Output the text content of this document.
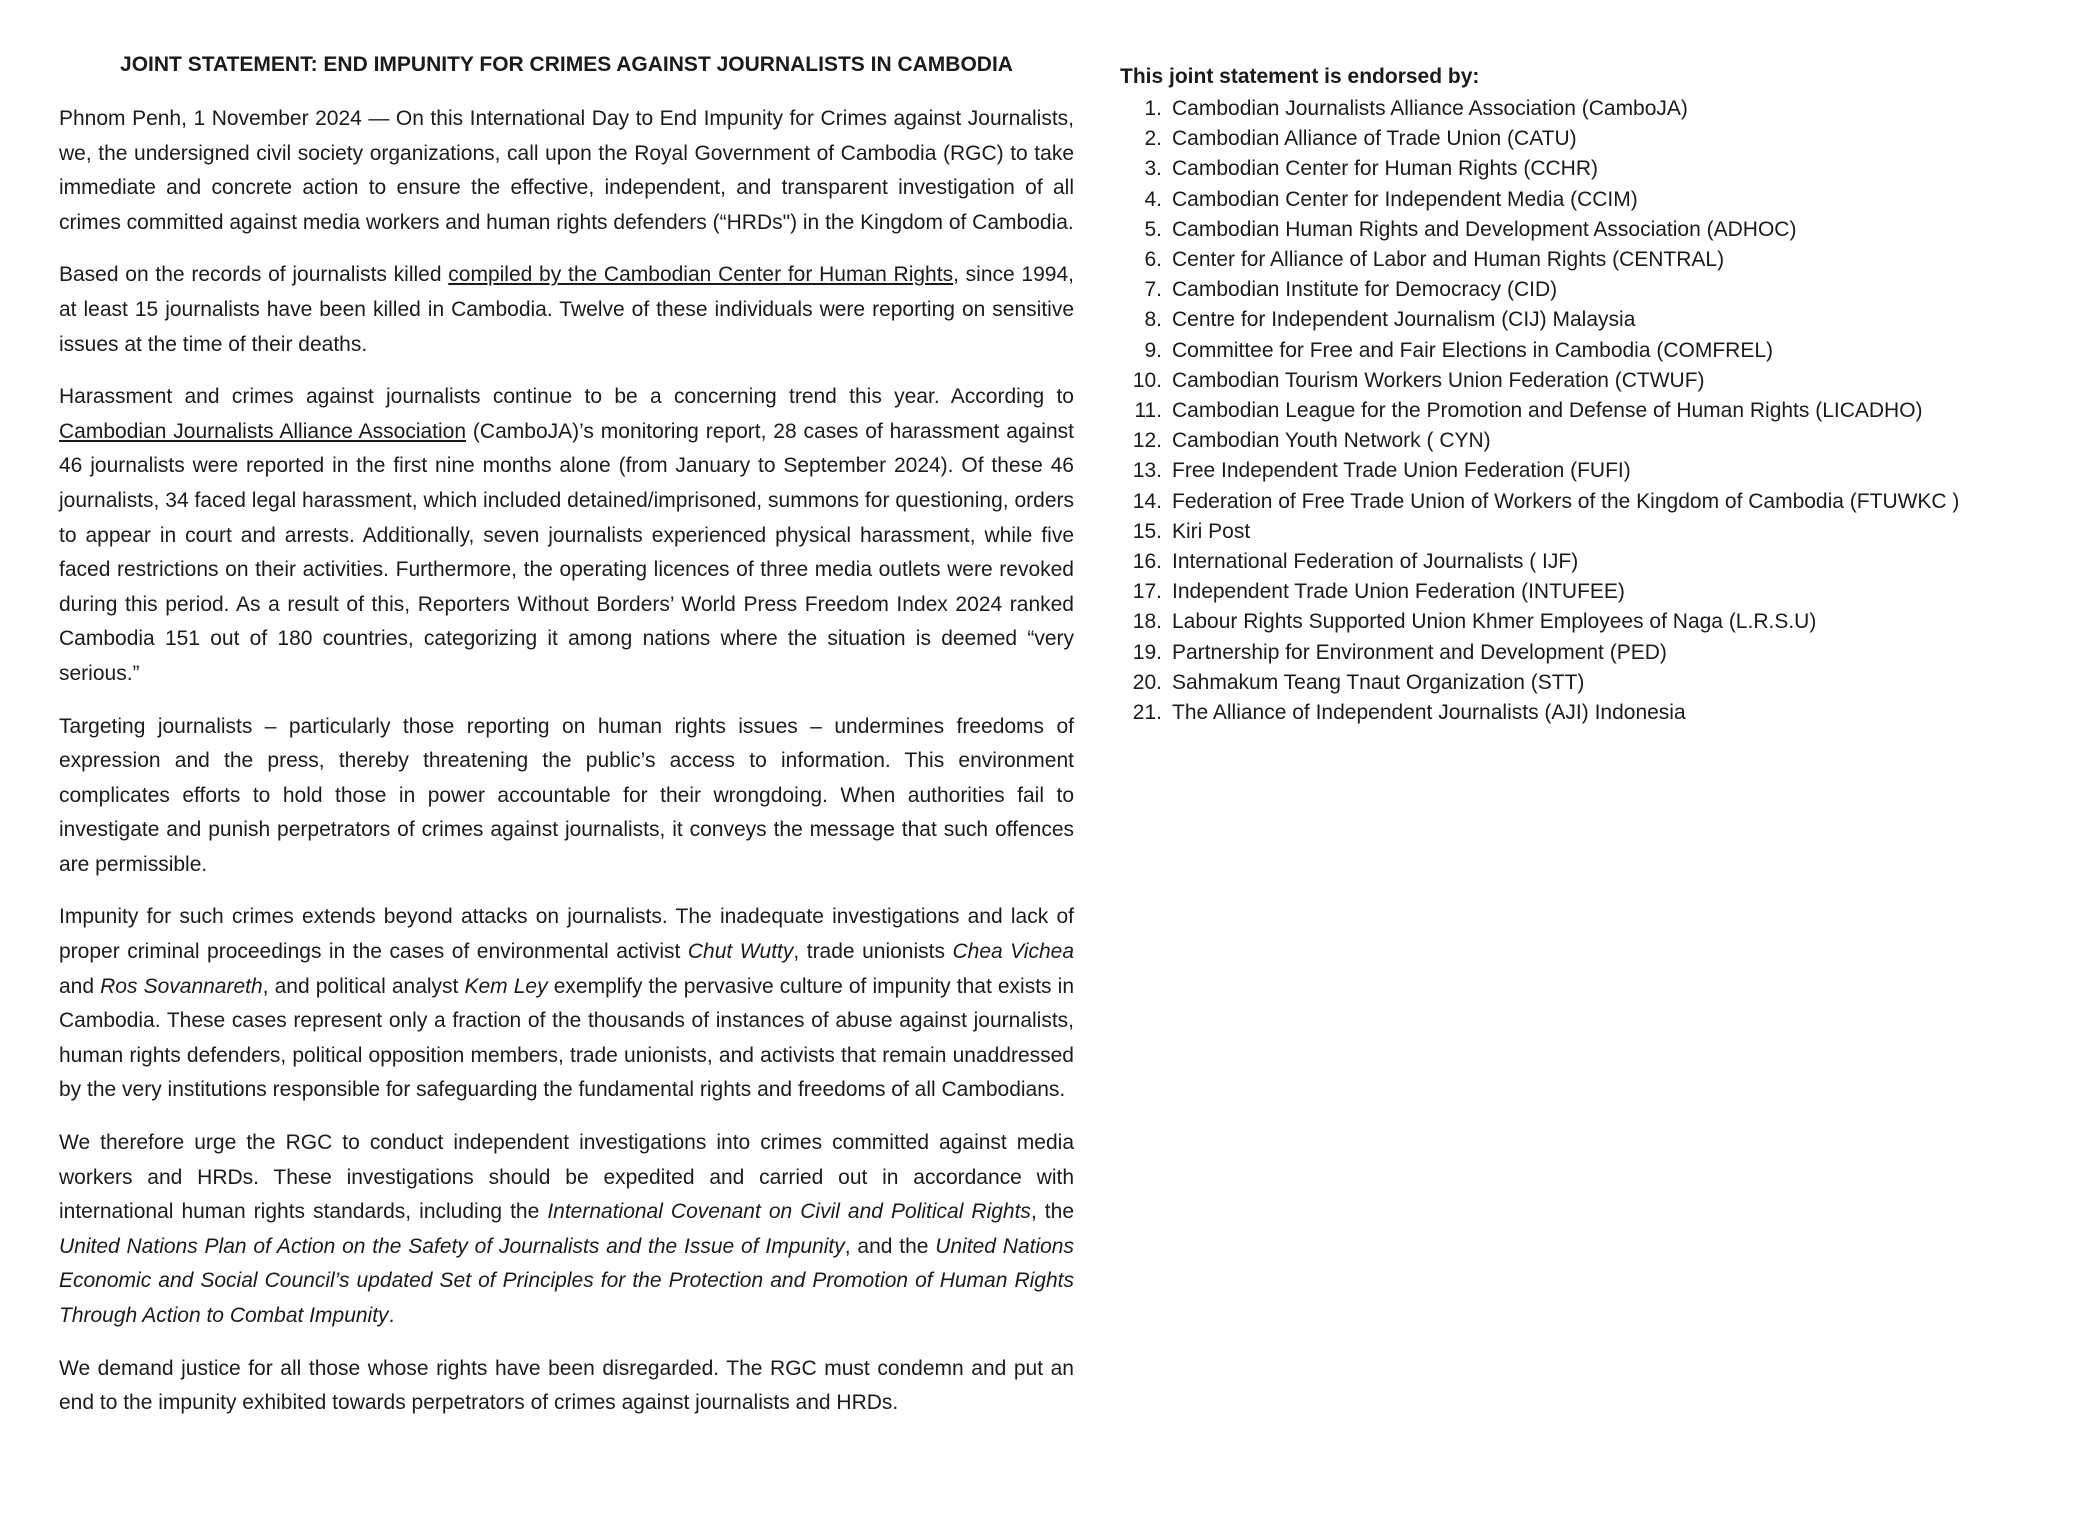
JOINT STATEMENT: END IMPUNITY FOR CRIMES AGAINST JOURNALISTS IN CAMBODIA

Phnom Penh, 1 November 2024 — On this International Day to End Impunity for Crimes against Journalists, we, the undersigned civil society organizations, call upon the Royal Government of Cambodia (RGC) to take immediate and concrete action to ensure the effective, independent, and transparent investigation of all crimes committed against media workers and human rights defenders (“HRDs") in the Kingdom of Cambodia.

Based on the records of journalists killed compiled by the Cambodian Center for Human Rights, since 1994, at least 15 journalists have been killed in Cambodia. Twelve of these individuals were reporting on sensitive issues at the time of their deaths.

Harassment and crimes against journalists continue to be a concerning trend this year. According to Cambodian Journalists Alliance Association (CamboJA)’s monitoring report, 28 cases of harassment against 46 journalists were reported in the first nine months alone (from January to September 2024). Of these 46 journalists, 34 faced legal harassment, which included detained/imprisoned, summons for questioning, orders to appear in court and arrests. Additionally, seven journalists experienced physical harassment, while five faced restrictions on their activities. Furthermore, the operating licences of three media outlets were revoked during this period. As a result of this, Reporters Without Borders’ World Press Freedom Index 2024 ranked Cambodia 151 out of 180 countries, categorizing it among nations where the situation is deemed “very serious.”

Targeting journalists – particularly those reporting on human rights issues – undermines freedoms of expression and the press, thereby threatening the public’s access to information. This environment complicates efforts to hold those in power accountable for their wrongdoing. When authorities fail to investigate and punish perpetrators of crimes against journalists, it conveys the message that such offences are permissible.

Impunity for such crimes extends beyond attacks on journalists. The inadequate investigations and lack of proper criminal proceedings in the cases of environmental activist Chut Wutty, trade unionists Chea Vichea and Ros Sovannareth, and political analyst Kem Ley exemplify the pervasive culture of impunity that exists in Cambodia. These cases represent only a fraction of the thousands of instances of abuse against journalists, human rights defenders, political opposition members, trade unionists, and activists that remain unaddressed by the very institutions responsible for safeguarding the fundamental rights and freedoms of all Cambodians.

We therefore urge the RGC to conduct independent investigations into crimes committed against media workers and HRDs. These investigations should be expedited and carried out in accordance with international human rights standards, including the International Covenant on Civil and Political Rights, the United Nations Plan of Action on the Safety of Journalists and the Issue of Impunity, and the United Nations Economic and Social Council’s updated Set of Principles for the Protection and Promotion of Human Rights Through Action to Combat Impunity.

We demand justice for all those whose rights have been disregarded. The RGC must condemn and put an end to the impunity exhibited towards perpetrators of crimes against journalists and HRDs.

This joint statement is endorsed by:
1. Cambodian Journalists Alliance Association (CamboJA)
2. Cambodian Alliance of Trade Union (CATU)
3. Cambodian Center for Human Rights (CCHR)
4. Cambodian Center for Independent Media (CCIM)
5. Cambodian Human Rights and Development Association (ADHOC)
6. Center for Alliance of Labor and Human Rights (CENTRAL)
7. Cambodian Institute for Democracy (CID)
8. Centre for Independent Journalism (CIJ) Malaysia
9. Committee for Free and Fair Elections in Cambodia (COMFREL)
10. Cambodian Tourism Workers Union Federation (CTWUF)
11. Cambodian League for the Promotion and Defense of Human Rights (LICADHO)
12. Cambodian Youth Network ( CYN)
13. Free Independent Trade Union Federation (FUFI)
14. Federation of Free Trade Union of Workers of the Kingdom of Cambodia (FTUWKC )
15. Kiri Post
16. International Federation of Journalists ( IJF)
17. Independent Trade Union Federation (INTUFEE)
18. Labour Rights Supported Union Khmer Employees of Naga (L.R.S.U)
19. Partnership for Environment and Development (PED)
20. Sahmakum Teang Tnaut Organization (STT)
21. The Alliance of Independent Journalists (AJI) Indonesia
